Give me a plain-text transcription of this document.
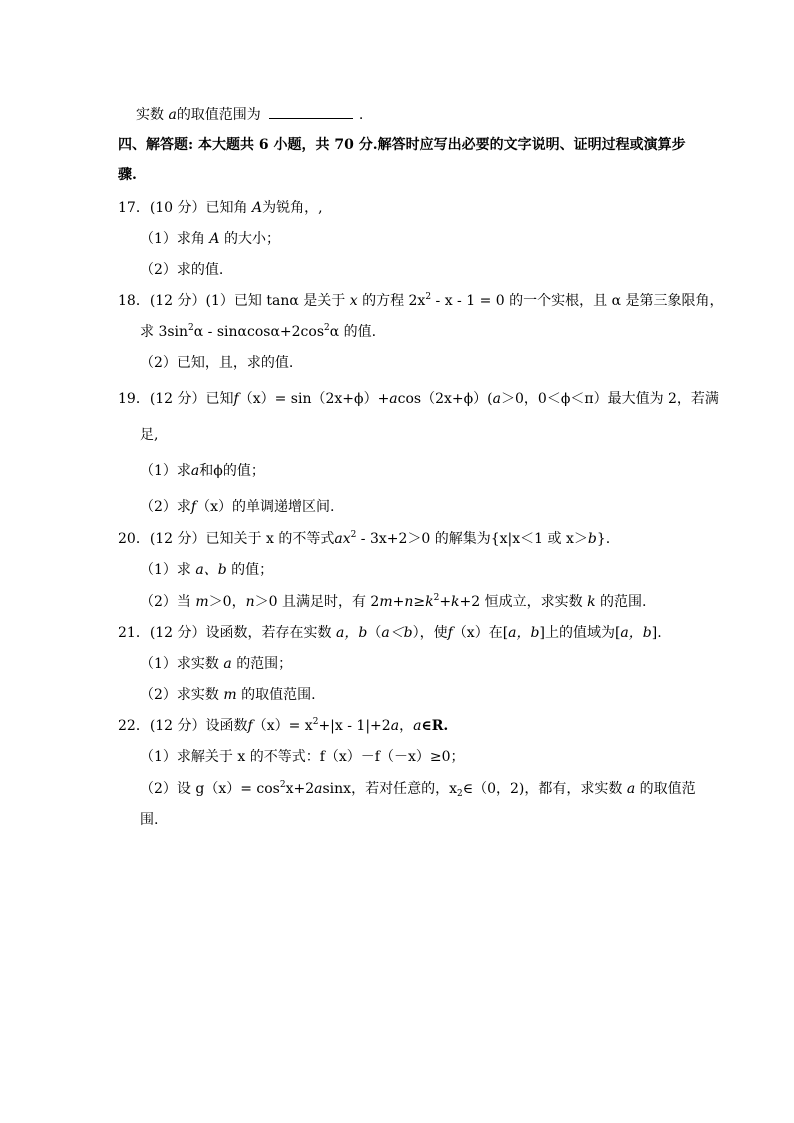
实数 a的取值范围为	.
四、解答题: 本大题共 6 小题，共 70 分.解答时应写出必要的文字说明、证明过程或演算步
骤.
17．(10 分）已知角 A为锐角，,
（1）求角 A 的大小；
（2）求的值.
18．(12 分）(1）已知 tanα 是关于 x 的方程 $2x^2 - x - 1 = 0$ 的一个实根，且 α 是第三象限角，
求 $3\sin^2\alpha - \sin\alpha\cos\alpha+2\cos^2\alpha$ 的值.
（2）已知，且，求的值.
19．(12 分）已知f（x）= sin（2x+ϕ）+acos（2x+ϕ）(a＞0，0＜ϕ＜π）最大值为 2，若满
足,
（1）求a和ϕ的值；
（2）求f（x）的单调递增区间.
20．(12 分）已知关于 x 的不等式$ax^2 - 3x+2>0$ 的解集为{x|x＜1 或 x＞b}.
（1）求 a、b 的值；
（2）当 m＞0，n＞0 且满足时，有 $2m+n\ge k^2+k+2$ 恒成立，求实数 k 的范围.
21．(12 分）设函数，若存在实数 a，b（a＜b），使f（x）在[a，b]上的值域为[a，b].
（1）求实数 a 的范围；
（2）求实数 m 的取值范围.
22．(12 分）设函数$f(x)= x^2+|x - 1|+2a$，a∈R.
（1）求解关于 x 的不等式：f（x）－f（－x）≥0；
（2）设 $g(x)= \cos^2x+2asinx$，若对任意的，$x_2\in(0$，2)，都有，求实数 a 的取值范
围.
